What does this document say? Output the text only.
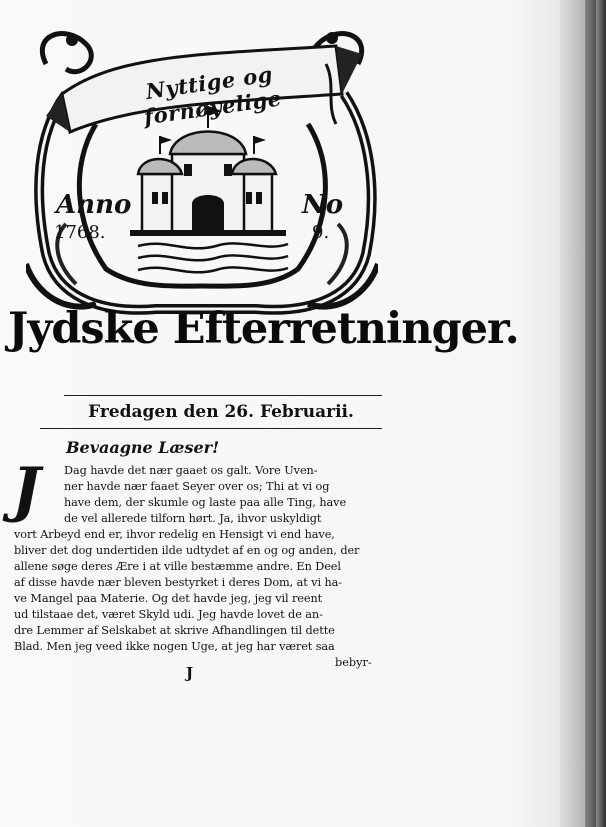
Nyttige og fornøyelige
Anno
1768.
No
9.
Jydske Efterretninger.
Fredagen den 26. Februarii.
Bevaagne Læser!
J Dag havde det nær gaaet os galt. Vore Uven-
ner havde nær faaet Seyer over os; Thi at vi og
have dem, der skumle og laste paa alle Ting, have
de vel allerede tilforn hørt. Ja, ihvor uskyldigt
vort Arbeyd end er, ihvor redelig en Hensigt vi end have,
bliver det dog undertiden ilde udtydet af en og og anden, der
allene søge deres Ære i at ville bestæmme andre. En Deel
af disse havde nær bleven bestyrket i deres Dom, at vi ha-
ve Mangel paa Materie. Og det havde jeg, jeg vil reent
ud tilstaae det, været Skyld udi. Jeg havde lovet de an-
dre Lemmer af Selskabet at skrive Afhandlingen til dette
Blad. Men jeg veed ikke nogen Uge, at jeg har været saa
J
bebyr-
